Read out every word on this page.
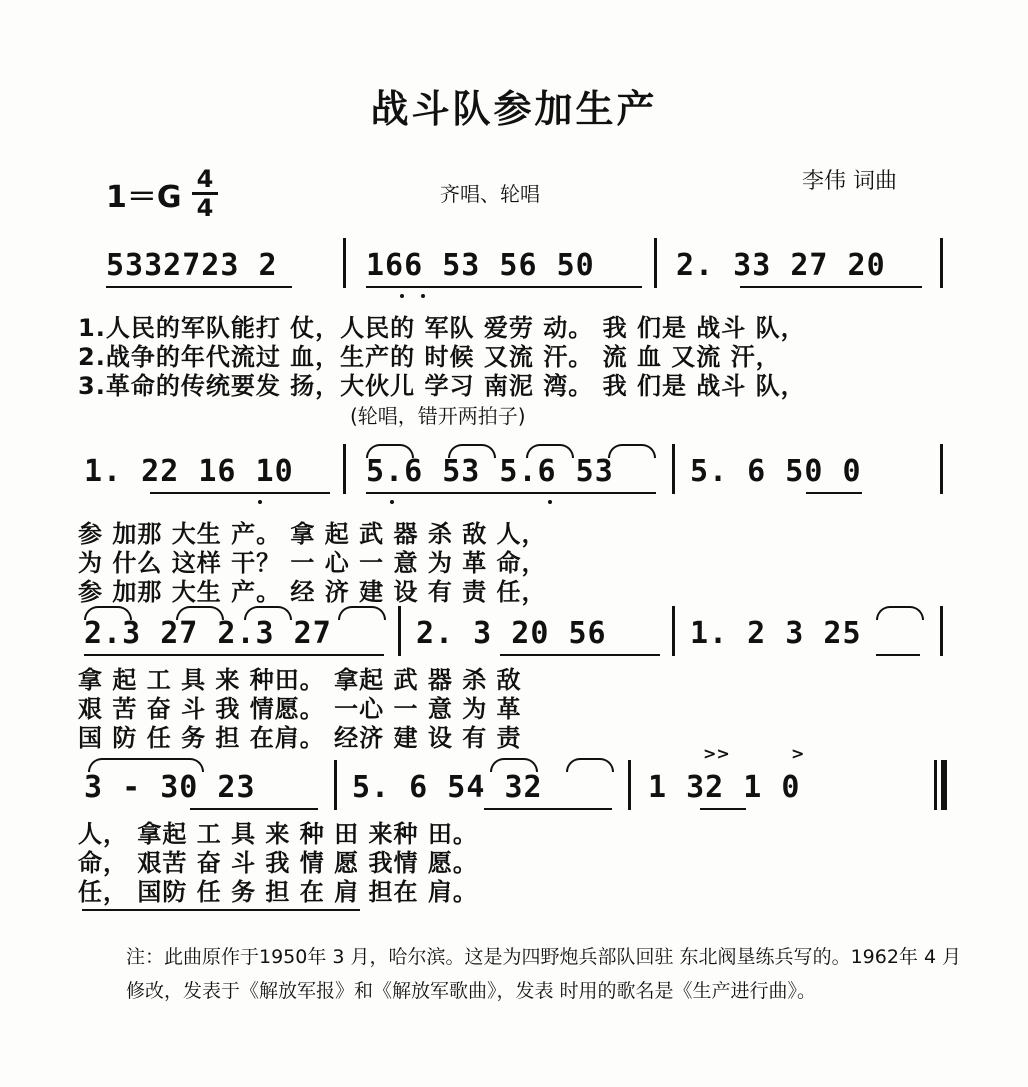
战斗队参加生产
1＝G
4
4	齐唱、轮唱	李伟 词曲
5332723 2	166 53 56 50	2. 33 27 20
1.人民的军队能打 仗，人民的 军队 爱劳 动。 我 们是 战斗 队，
2.战争的年代流过 血，生产的 时候 又流 汗。 流 血 又流 汗，
3.革命的传统要发 扬，大伙儿 学习 南泥 湾。 我 们是 战斗 队，
(轮唱，错开两拍子)
1. 22 16 10 5.6 53 5.6 53	5. 6 50 0
参 加那 大生 产。 拿 起 武 器 杀 敌 人，
为 什么 这样 干？ 一 心 一 意 为 革 命，
参 加那 大生 产。 经 济 建 设 有 责 任，
2.3 27 2.3 27	2. 3 20 56	1. 2 3 25
拿 起 工 具 来 种田。 拿起 武 器 杀 敌
艰 苦 奋 斗 我 情愿。 一心 一 意 为 革
国 防 任 务 担 在肩。 经济 建 设 有 责
>>	>
3 - 30 23	5. 6 54 32	1 32 1 0
人， 拿起 工 具 来 种 田 来种 田。
命， 艰苦 奋 斗 我 情 愿 我情 愿。
任， 国防 任 务 担 在 肩 担在 肩。
注：此曲原作于1950年 3 月，哈尔滨。这是为四野炮兵部队回驻 东北阀垦练兵写的。1962年 4 月修改，发表于《解放军报》和《解放军歌曲》，发表 时用的歌名是《生产进行曲》。
